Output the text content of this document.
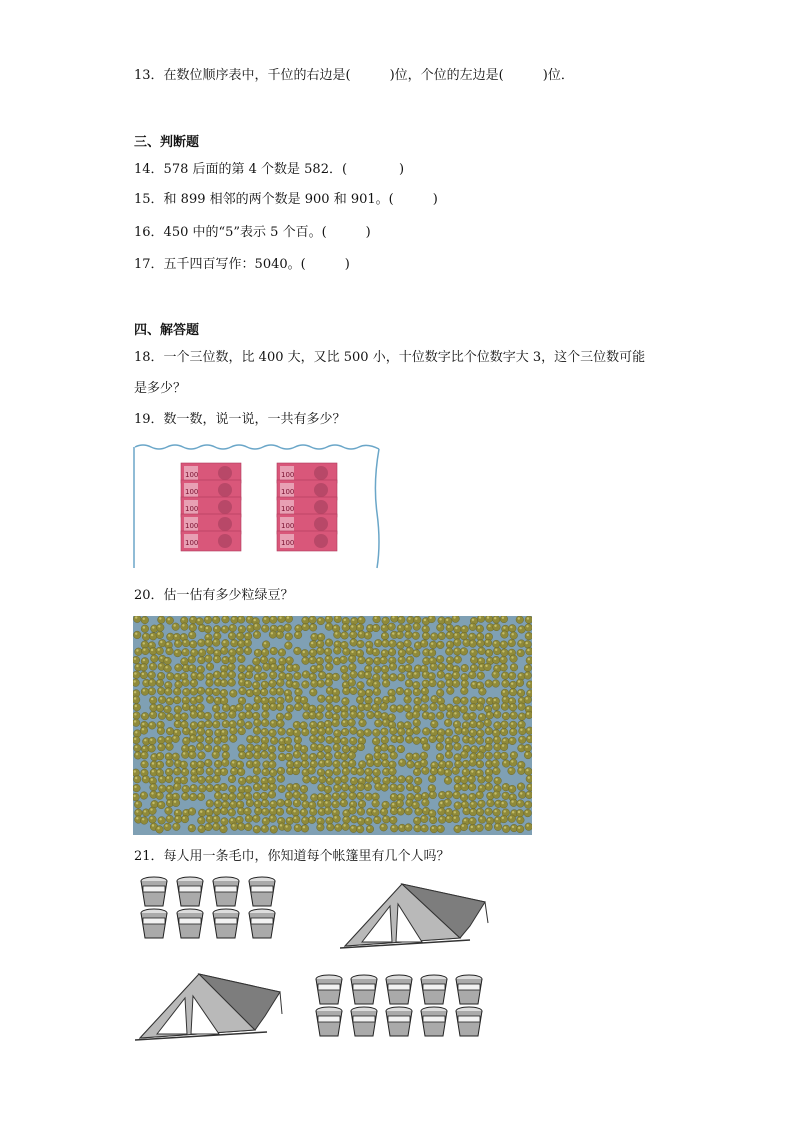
13．在数位顺序表中，千位的右边是(　　　)位，个位的左边是(　　　)位．
三、判断题
14．578 后面的第 4 个数是 582．(　　　　)
15．和 899 相邻的两个数是 900 和 901。(　　　)
16．450 中的“5”表示 5 个百。(　　　)
17．五千四百写作：5040。(　　　)
四、解答题
18．一个三位数，比 400 大，又比 500 小，十位数字比个位数字大 3，这个三位数可能
是多少？
19．数一数，说一说，一共有多少？
100
100
100
100
100
100
100
100
100
100
20．估一估有多少粒绿豆？
21．每人用一条毛巾，你知道每个帐篷里有几个人吗？
